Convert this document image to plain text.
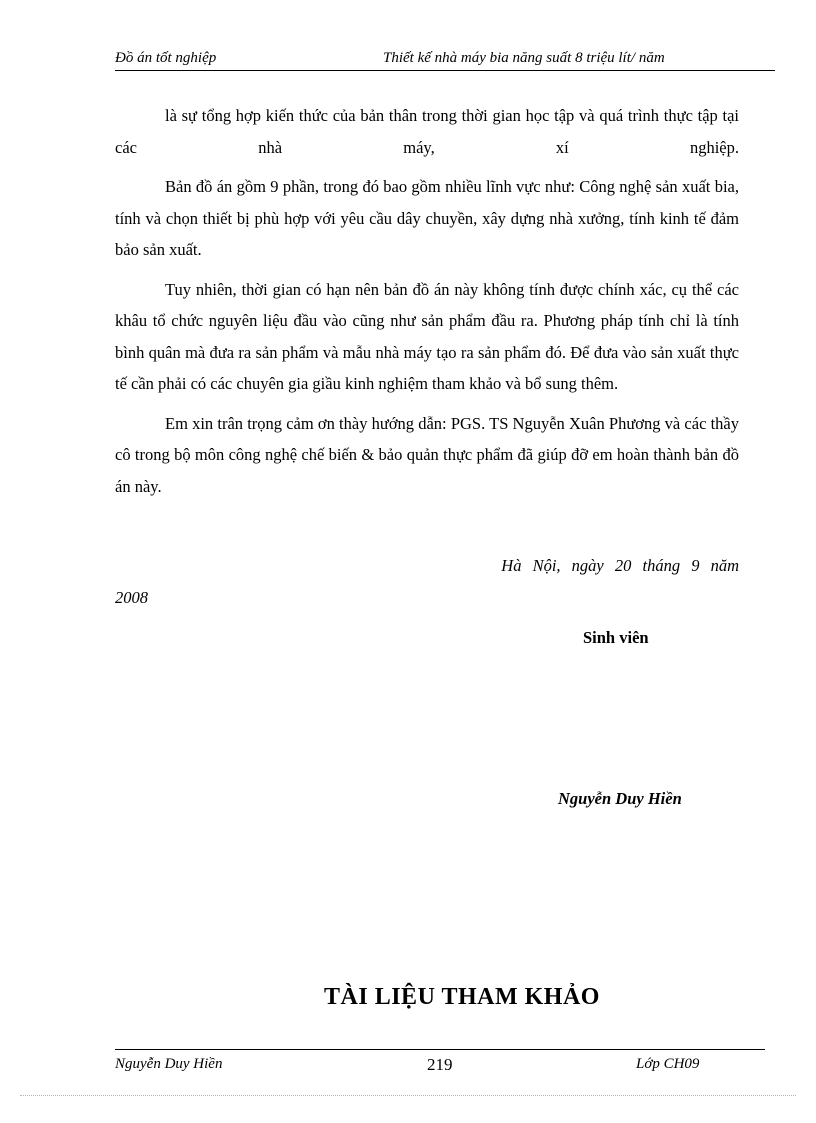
Đồ án tốt nghiệp	Thiết kế nhà máy bia năng suất 8 triệu lít/ năm

là sự tổng hợp kiến thức của bản thân trong thời gian học tập và quá trình thực tập tại các nhà máy, xí nghiệp.

Bản đồ án gồm 9 phần, trong đó bao gồm nhiều lĩnh vực như: Công nghệ sản xuất bia, tính và chọn thiết bị phù hợp với yêu cầu dây chuyền, xây dựng nhà xưởng, tính kinh tế đảm bảo sản xuất.

Tuy nhiên, thời gian có hạn nên bản đồ án này không tính được chính xác, cụ thể các khâu tổ chức nguyên liệu đầu vào cũng như sản phẩm đầu ra. Phương pháp tính chỉ là tính bình quân mà đưa ra sản phẩm và mẫu nhà máy tạo ra sản phẩm đó. Để đưa vào sản xuất thực tế cần phải có các chuyên gia giầu kinh nghiệm tham khảo và bổ sung thêm.

Em xin trân trọng cảm ơn thày hướng dẫn: PGS. TS Nguyễn Xuân Phương và các thầy cô trong bộ môn công nghệ chế biến & bảo quản thực phẩm đã giúp đỡ em hoàn thành bản đồ án này.

Hà Nội, ngày 20 tháng 9 năm
2008
Sinh viên
Nguyễn Duy Hiền
TÀI LIỆU THAM KHẢO
Nguyễn Duy Hiền	219	Lớp CH09
